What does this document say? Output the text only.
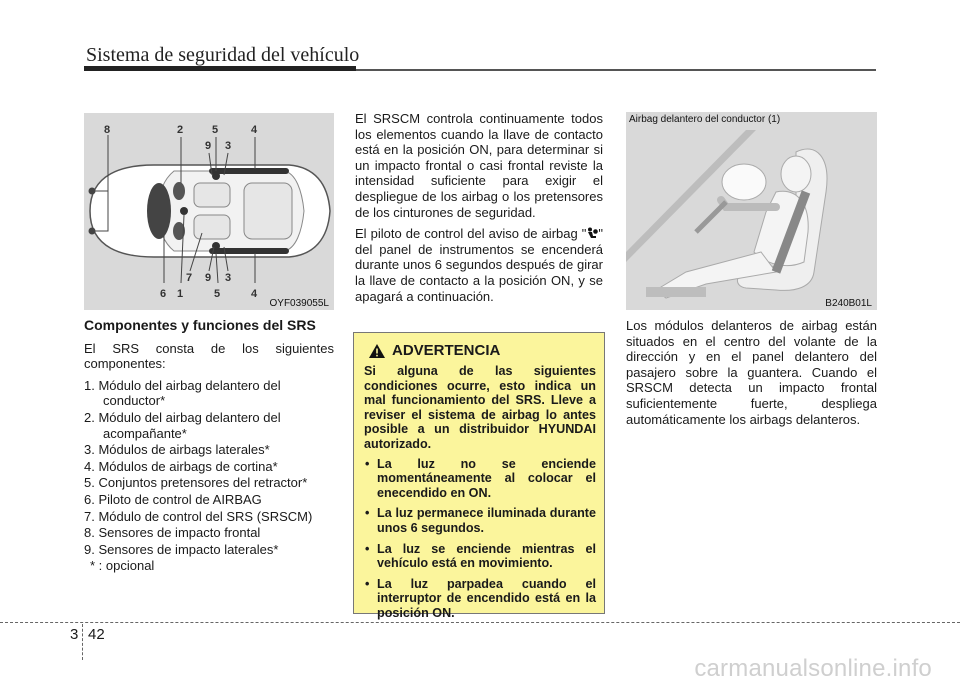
Sistema de seguridad del vehículo
8	2	5	4
9 3
7 9 3
6 1	5	4
OYF039055L
Componentes y funciones del SRS

El SRS consta de los siguientes componentes:

1. Módulo del airbag delantero del conductor*
2. Módulo del airbag delantero del acompañante*
3. Módulos de airbags laterales*
4. Módulos de airbags de cortina*
5. Conjuntos pretensores del retractor*
6. Piloto de control de AIRBAG
7. Módulo de control del SRS (SRSCM)
8. Sensores de impacto frontal
9. Sensores de impacto laterales*
* : opcional

El SRSCM controla continuamente todos los elementos cuando la llave de contacto está en la posición ON, para determinar si un impacto frontal o casi frontal reviste la intensidad suficiente para exigir el despliegue de los airbag o los pretensores de los cinturones de seguridad.

El piloto de control del aviso de airbag " " del panel de instrumentos se encenderá durante unos 6 segundos después de girar la llave de contacto a la posición ON, y se apagará a continuación.

ADVERTENCIA

Si alguna de las siguientes condiciones ocurre, esto indica un mal funcionamiento del SRS. Lleve a reviser el sistema de airbag lo antes posible a un distribuidor HYUNDAI autorizado.

• La luz no se enciende momentáneamente al colocar el enecendido en ON.
• La luz permanece iluminada durante unos 6 segundos.
• La luz se enciende mientras el vehículo está en movimiento.
• La luz parpadea cuando el interruptor de encendido está en la posición ON.
Airbag delantero del conductor (1)
B240B01L

Los módulos delanteros de airbag están situados en el centro del volante de la dirección y en el panel delantero del pasajero sobre la guantera. Cuando el SRSCM detecta un impacto frontal suficientemente fuerte, despliega automáticamente los airbags delanteros.

3 42
carmanualsonline.info
